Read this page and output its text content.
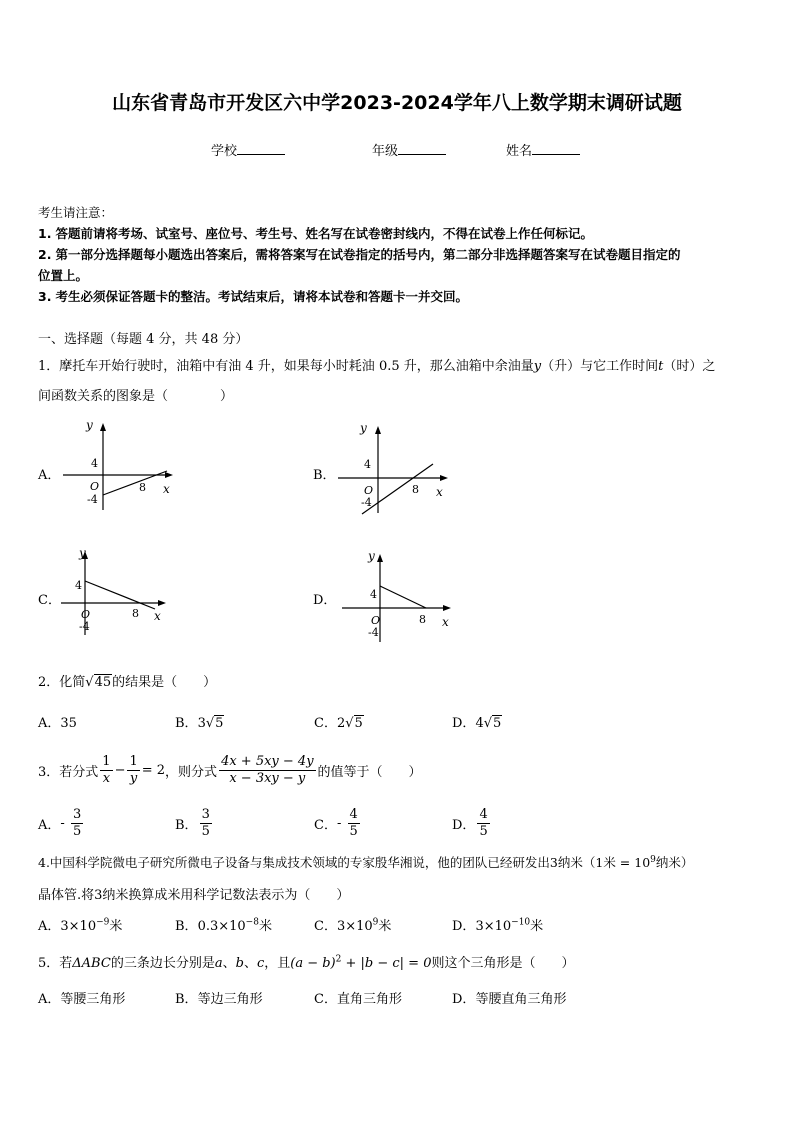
山东省青岛市开发区六中学2023-2024学年八上数学期末调研试题
学校	年级	姓名
考生请注意：
1. 答题前请将考场、试室号、座位号、考生号、姓名写在试卷密封线内，不得在试卷上作任何标记。
2. 第一部分选择题每小题选出答案后，需将答案写在试卷指定的括号内，第二部分非选择题答案写在试卷题目指定的
位置上。
3. 考生必须保证答题卡的整洁。考试结束后，请将本试卷和答题卡一并交回。
一、选择题（每题 4 分，共 48 分）
1．摩托车开始行驶时，油箱中有油 4 升，如果每小时耗油 0.5 升，那么油箱中余油量y（升）与它工作时间t（时）之
间函数关系的图象是（　　　　）
A．
y
x
4
O
-4
8
B．
y
x
4
O
-4
8
C．
y
x
4
O
-4
8
D．
y
x
4
O
-4
8
2．化简√45的结果是（　　）
A．35	B．3√5	C．2√5	D．4√5
3．若分式 $\frac{1}{x} - \frac{1}{y} = 2$，则分式 $\frac{4x + 5xy - 4y}{x - 3xy - y}$ 的值等于（　　）
A．- $\frac{3}{5}$	B． $\frac{3}{5}$	C．- $\frac{4}{5}$	D． $\frac{4}{5}$
4.中国科学院微电子研究所微电子设备与集成技术领域的专家殷华湘说，他的团队已经研发出3纳米（1米 = $10^9$纳米）
晶体管.将3纳米换算成米用科学记数法表示为（　　）
A．$3\times 10^{-9}$米	B．$0.3\times 10^{-8}$米	C．$3\times 10^9$米	D．$3\times 10^{-10}$米
5．若ΔABC的三条边长分别是a、b、c，且$(a - b)^2 + |b - c| = 0$则这个三角形是（　　）
A．等腰三角形	B．等边三角形	C．直角三角形	D．等腰直角三角形
